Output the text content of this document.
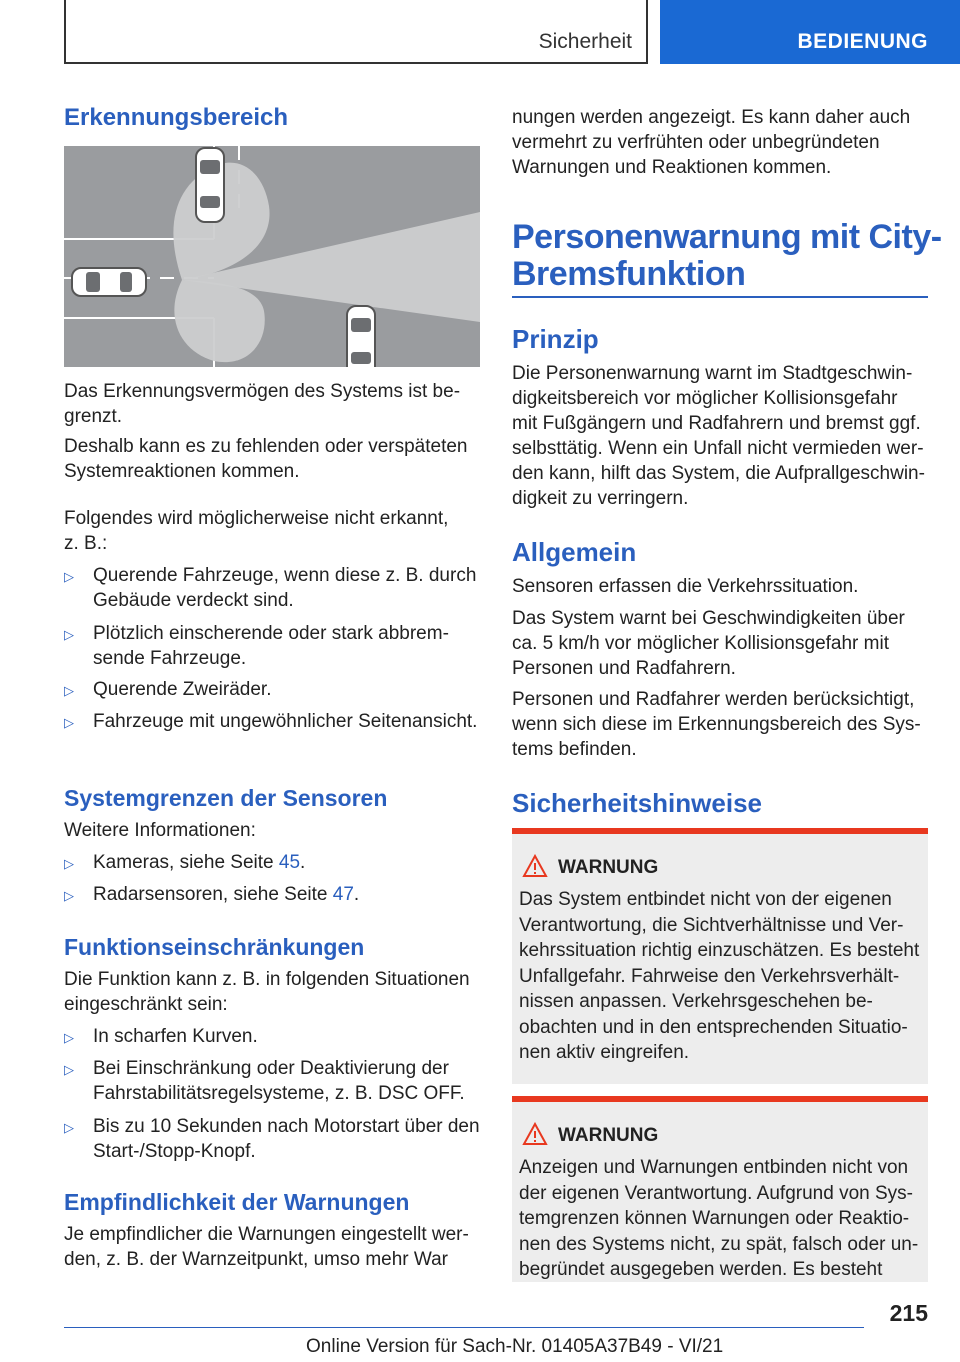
Sicherheit	BEDIENUNG
Erkennungsbereich

Das Erkennungsvermögen des Systems ist begrenzt.

Deshalb kann es zu fehlenden oder verspäteten Systemreaktionen kommen.

Folgendes wird möglicherweise nicht erkannt, z. B.:

▷ Querende Fahrzeuge, wenn diese z. B. durch Gebäude verdeckt sind.
▷ Plötzlich einscherende oder stark abbremsende Fahrzeuge.
▷ Querende Zweiräder.
▷ Fahrzeuge mit ungewöhnlicher Seitenansicht.
Systemgrenzen der Sensoren

Weitere Informationen:

▷ Kameras, siehe Seite 45.
▷ Radarsensoren, siehe Seite 47.
Funktionseinschränkungen

Die Funktion kann z. B. in folgenden Situationen eingeschränkt sein:

▷ In scharfen Kurven.
▷ Bei Einschränkung oder Deaktivierung der Fahrstabilitätsregelsysteme, z. B. DSC OFF.
▷ Bis zu 10 Sekunden nach Motorstart über den Start-/Stopp-Knopf.
Empfindlichkeit der Warnungen

Je empfindlicher die Warnungen eingestellt werden, z. B. der Warnzeitpunkt, umso mehr War

nungen werden angezeigt. Es kann daher auch vermehrt zu verfrühten oder unbegründeten Warnungen und Reaktionen kommen.

Personenwarnung mit City-
Bremsfunktion
Prinzip

Die Personenwarnung warnt im Stadtgeschwindigkeitsbereich vor möglicher Kollisionsgefahr mit Fußgängern und Radfahrern und bremst ggf. selbsttätig. Wenn ein Unfall nicht vermieden werden kann, hilft das System, die Aufprallgeschwindigkeit zu verringern.

Allgemein

Sensoren erfassen die Verkehrssituation.

Das System warnt bei Geschwindigkeiten über ca. 5 km/h vor möglicher Kollisionsgefahr mit Personen und Radfahrern.

Personen und Radfahrer werden berücksichtigt, wenn sich diese im Erkennungsbereich des Systems befinden.

Sicherheitshinweise
WARNUNG

Das System entbindet nicht von der eigenen Verantwortung, die Sichtverhältnisse und Verkehrssituation richtig einzuschätzen. Es besteht Unfallgefahr. Fahrweise den Verkehrsverhältnissen anpassen. Verkehrsgeschehen beobachten und in den entsprechenden Situationen aktiv eingreifen.

WARNUNG

Anzeigen und Warnungen entbinden nicht von der eigenen Verantwortung. Aufgrund von Systemgrenzen können Warnungen oder Reaktionen des Systems nicht, zu spät, falsch oder unbegründet ausgegeben werden. Es besteht

215
Online Version für Sach-Nr. 01405A37B49 - VI/21
